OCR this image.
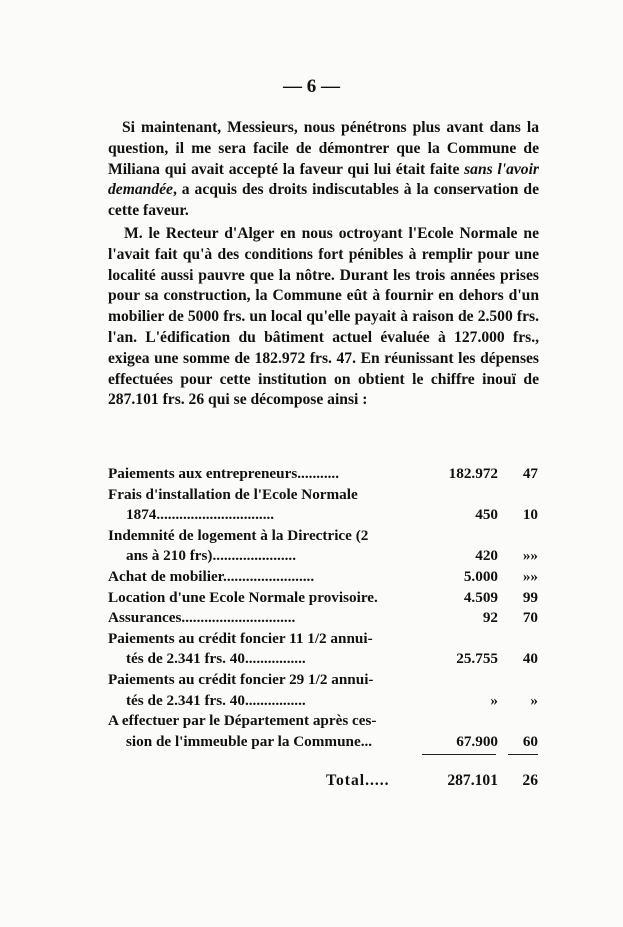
— 6 —

Si maintenant, Messieurs, nous pénétrons plus avant dans la question, il me sera facile de démontrer que la Commune de Miliana qui avait accepté la faveur qui lui était faite sans l'avoir demandée, a acquis des droits indiscutables à la conservation de cette faveur.

M. le Recteur d'Alger en nous octroyant l'Ecole Normale ne l'avait fait qu'à des conditions fort pénibles à remplir pour une localité aussi pauvre que la nôtre. Durant les trois années prises pour sa construction, la Commune eût à fournir en dehors d'un mobilier de 5000 frs. un local qu'elle payait à raison de 2.500 frs. l'an. L'édification du bâtiment actuel évaluée à 127.000 frs., exigea une somme de 182.972 frs. 47. En réunissant les dépenses effectuées pour cette institution on obtient le chiffre inouï de 287.101 frs. 26 qui se décompose ainsi :

Paiements aux entrepreneurs...........	182.972	47
Frais d'installation de l'Ecole Normale
1874...............................	450	10
Indemnité de logement à la Directrice (2
ans à 210 frs)......................	420	»»
Achat de mobilier........................	5.000	»»
Location d'une Ecole Normale provisoire.	4.509	99
Assurances..............................	92	70
Paiements au crédit foncier 11 1/2 annui-
tés de 2.341 frs. 40................	25.755	40
Paiements au crédit foncier 29 1/2 annui-
tés de 2.341 frs. 40................	»	»
A effectuer par le Département après ces-
sion de l'immeuble par la Commune...	67.900	60
Total.....	287.101 26
